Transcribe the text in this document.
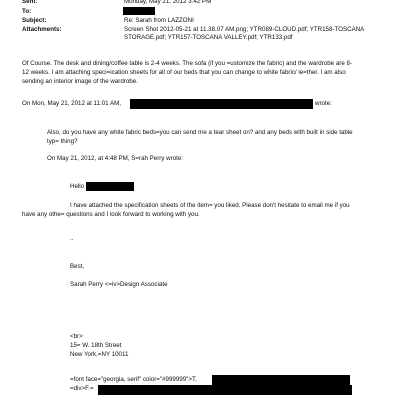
Sent:	Monday, May 21, 2012 3:42 PM
To:
Subject:	Re: Sarah from LAZZONI
Attachments:	Screen Shot 2012-05-21 at 11.38.07 AM.png; YTR089-CLOUD.pdf; YTR158-TOSCANA
STORAGE.pdf; YTR157-TOSCANA VALLEY.pdf; YTR133.pdf
Of Course. The desk and dining/coffee table is 2-4 weeks. The sofa (if you =ustomize the fabric) and the wardrobe are 8-
12 weeks. I am attaching speci=ication sheets for all of our beds that you can change to white fabric/ le=ther. I am also
sending an interior image of the wardrobe.
On Mon, May 21, 2012 at 11:01 AM,	wrote:
Also, do you have any white fabric beds=you can send me a tear sheet on? and any beds with built in side table
typ= thing?
On May 21, 2012, at 4:48 PM, S=rah Perry wrote:
Hello
I have attached the specification sheets of the item= you liked. Please don't hesitate to email me if you
have any othe= questions and I look forward to working with you.
..
Best,
Sarah Perry <=iv>Design Associate
<br>
15= W. 18th Street
New York,=NY 10011
=font face="georgia, serif" color="#999999">T.
=div>F.=
